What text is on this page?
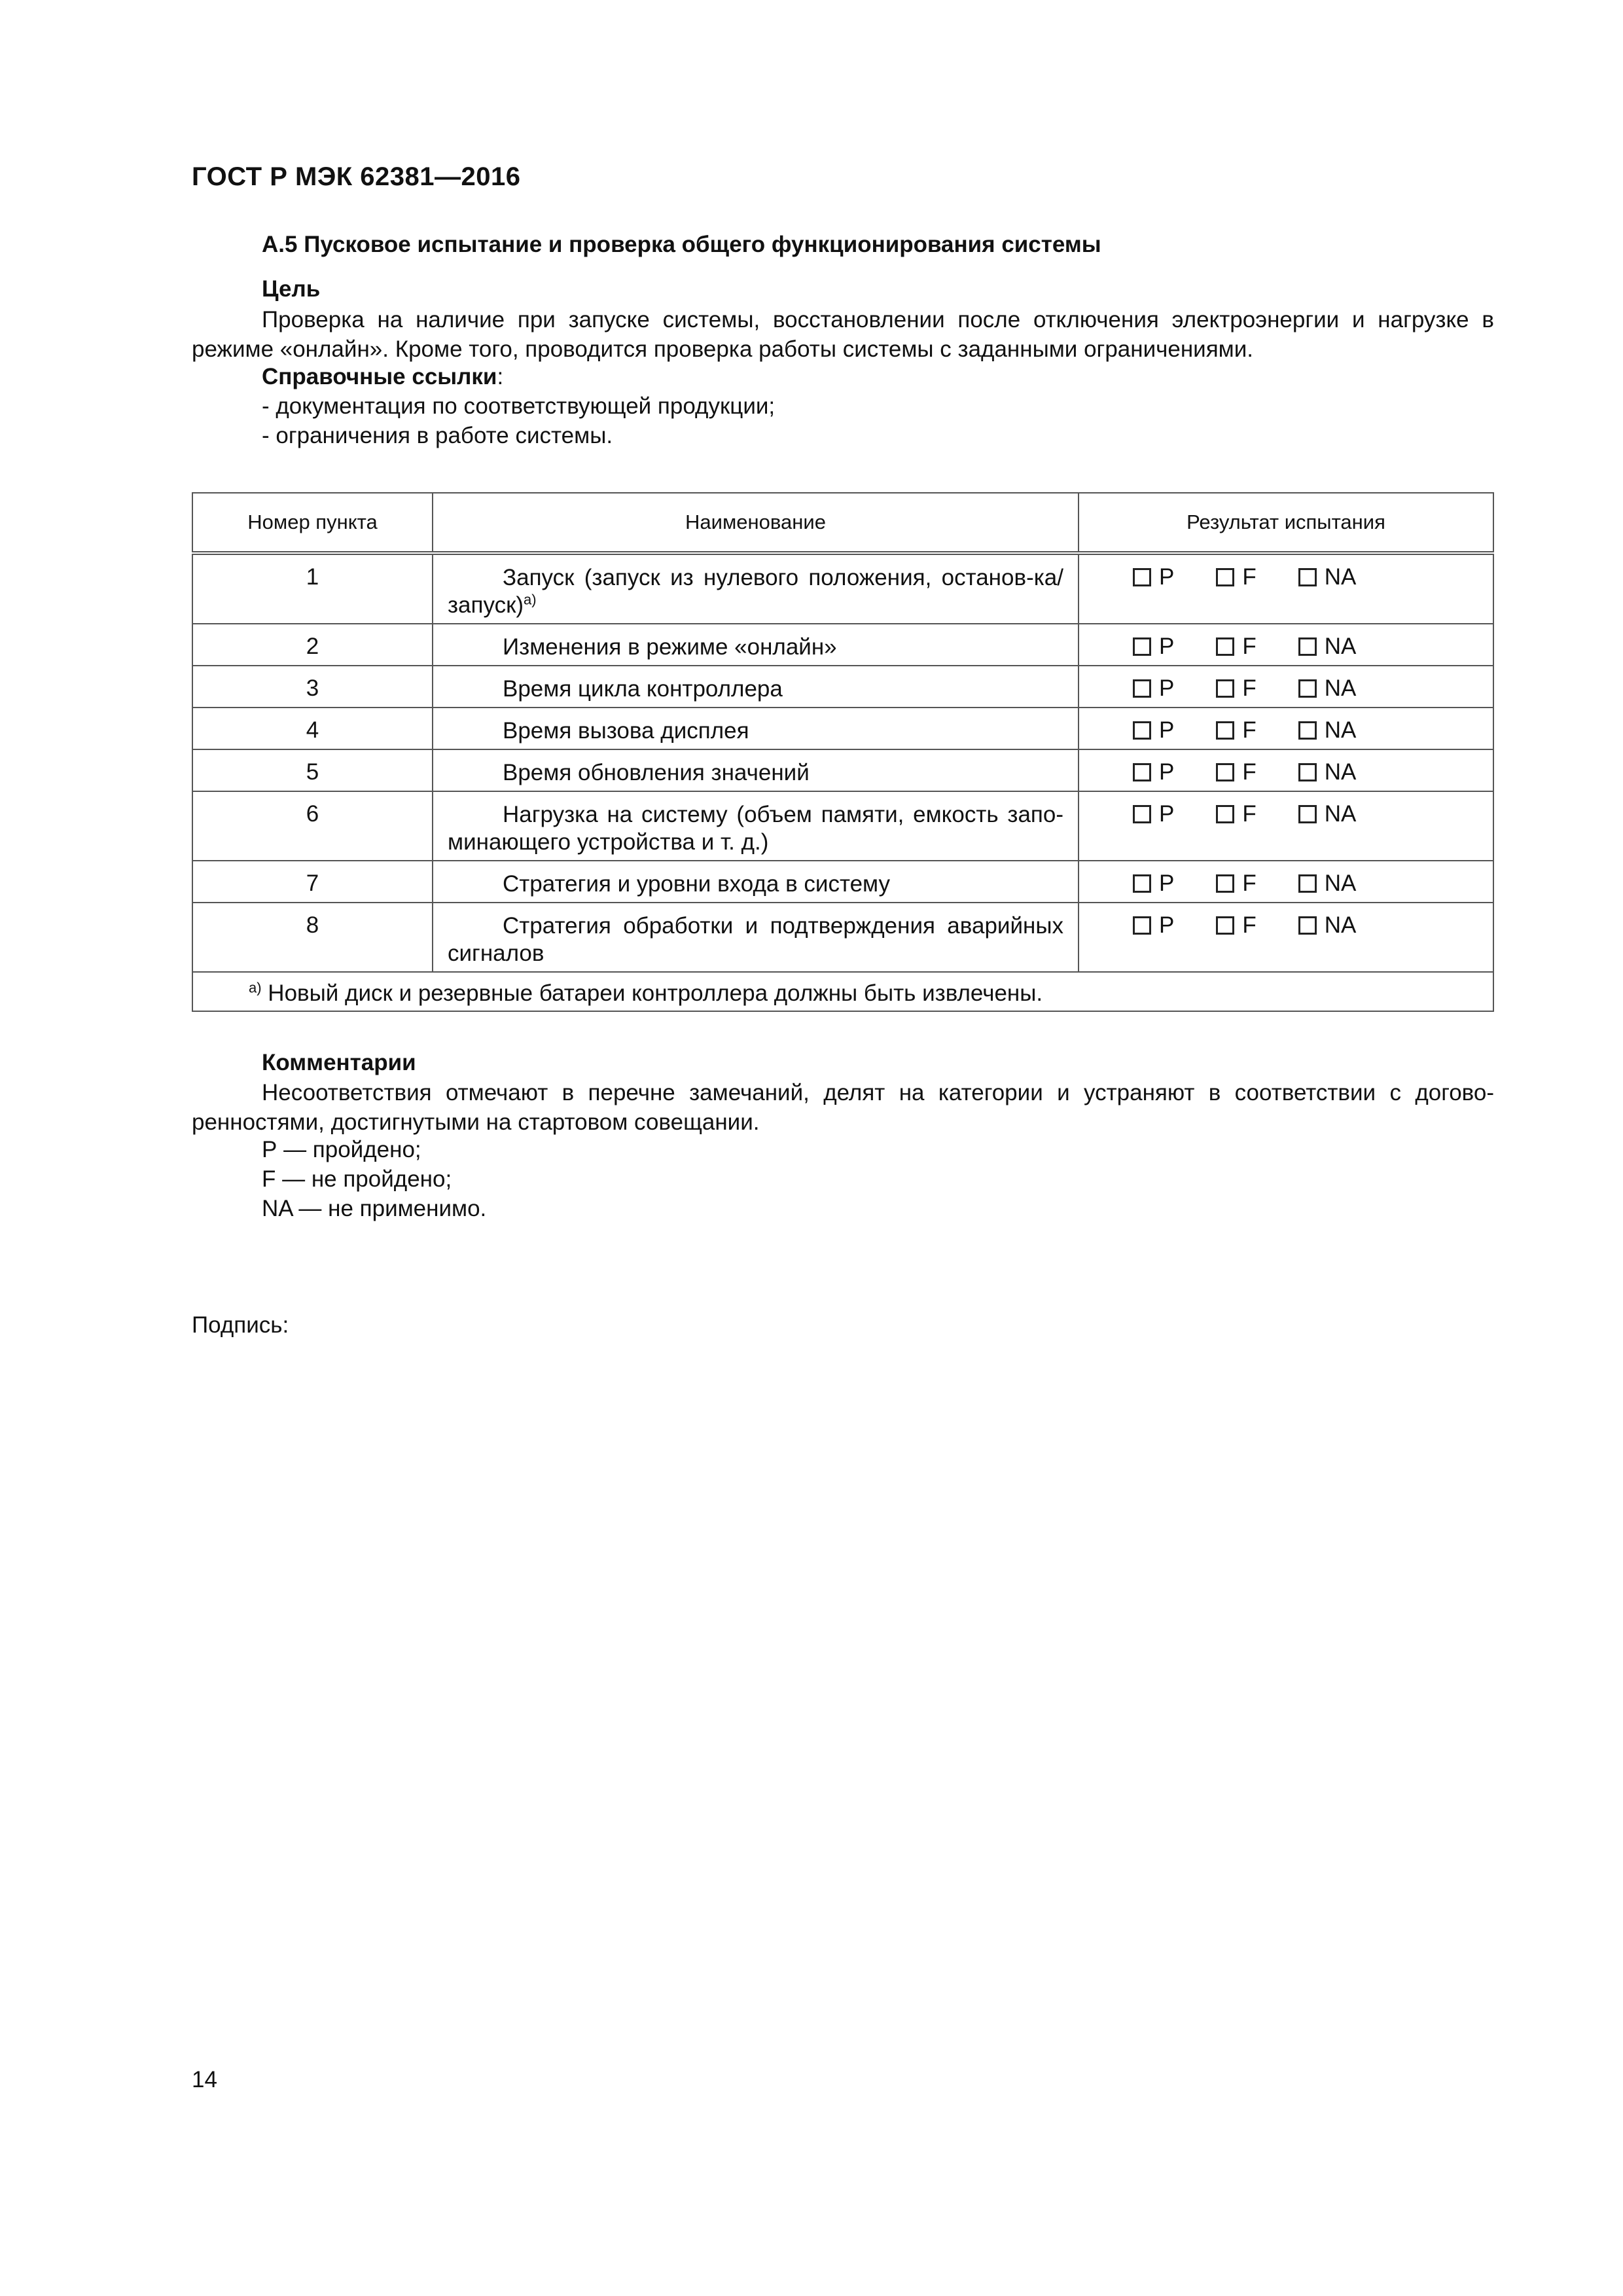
ГОСТ Р МЭК 62381—2016
А.5 Пусковое испытание и проверка общего функционирования системы
Цель
Проверка на наличие при запуске системы, восстановлении после отключения электроэнергии и нагрузке в режиме «онлайн». Кроме того, проводится проверка работы системы с заданными ограничениями.
Справочные ссылки:
- документация по соответствующей продукции;
- ограничения в работе системы.
Номер пункта	Наименование	Результат испытания
1	Запуск (запуск из нулевого положения, останов-ка/запуск)$^{а)}$	P F NA

2	Изменения в режиме «онлайн»	P F NA

3	Время цикла контроллера	P F NA

4	Время вызова дисплея	P F NA

5	Время обновления значений	P F NA

6	Нагрузка на систему (объем памяти, емкость запо-минающего устройства и т. д.)	P F NA

7	Стратегия и уровни входа в систему	P F NA

8	Стратегия обработки и подтверждения аварийных сигналов	P F NA

$^{а)}$ Новый диск и резервные батареи контроллера должны быть извлечены.		
Комментарии
Несоответствия отмечают в перечне замечаний, делят на категории и устраняют в соответствии с догово-ренностями, достигнутыми на стартовом совещании.
Р — пройдено;
F — не пройдено;
NA — не применимо.
Подпись:
14
